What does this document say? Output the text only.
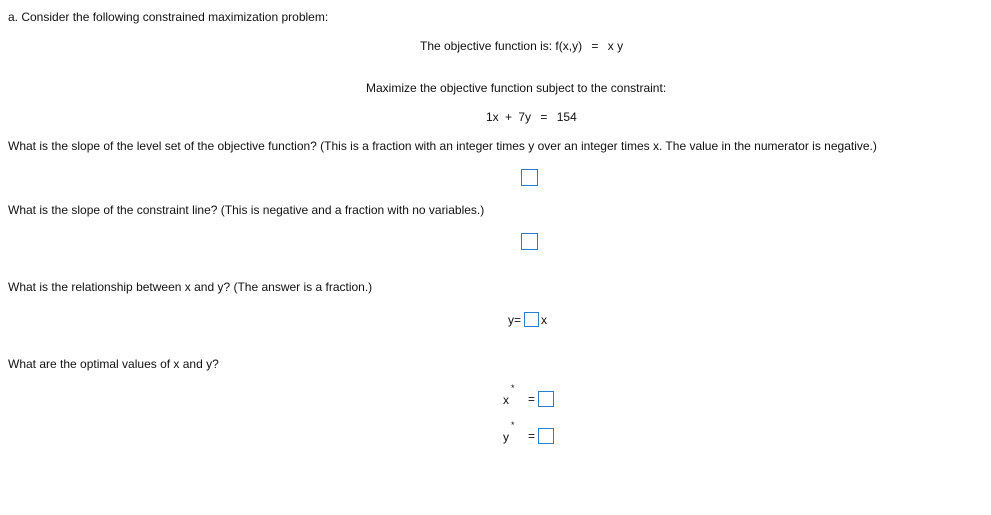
a. Consider the following constrained maximization problem:
The objective function is: f(x,y) = x y
Maximize the objective function subject to the constraint:
1x + 7y = 154
What is the slope of the level set of the objective function? (This is a fraction with an integer times y over an integer times x. The value in the numerator is negative.)
What is the slope of the constraint line? (This is negative and a fraction with no variables.)
What is the relationship between x and y? (The answer is a fraction.)
y= x
What are the optimal values of x and y?
x
*
=
y
*
=
